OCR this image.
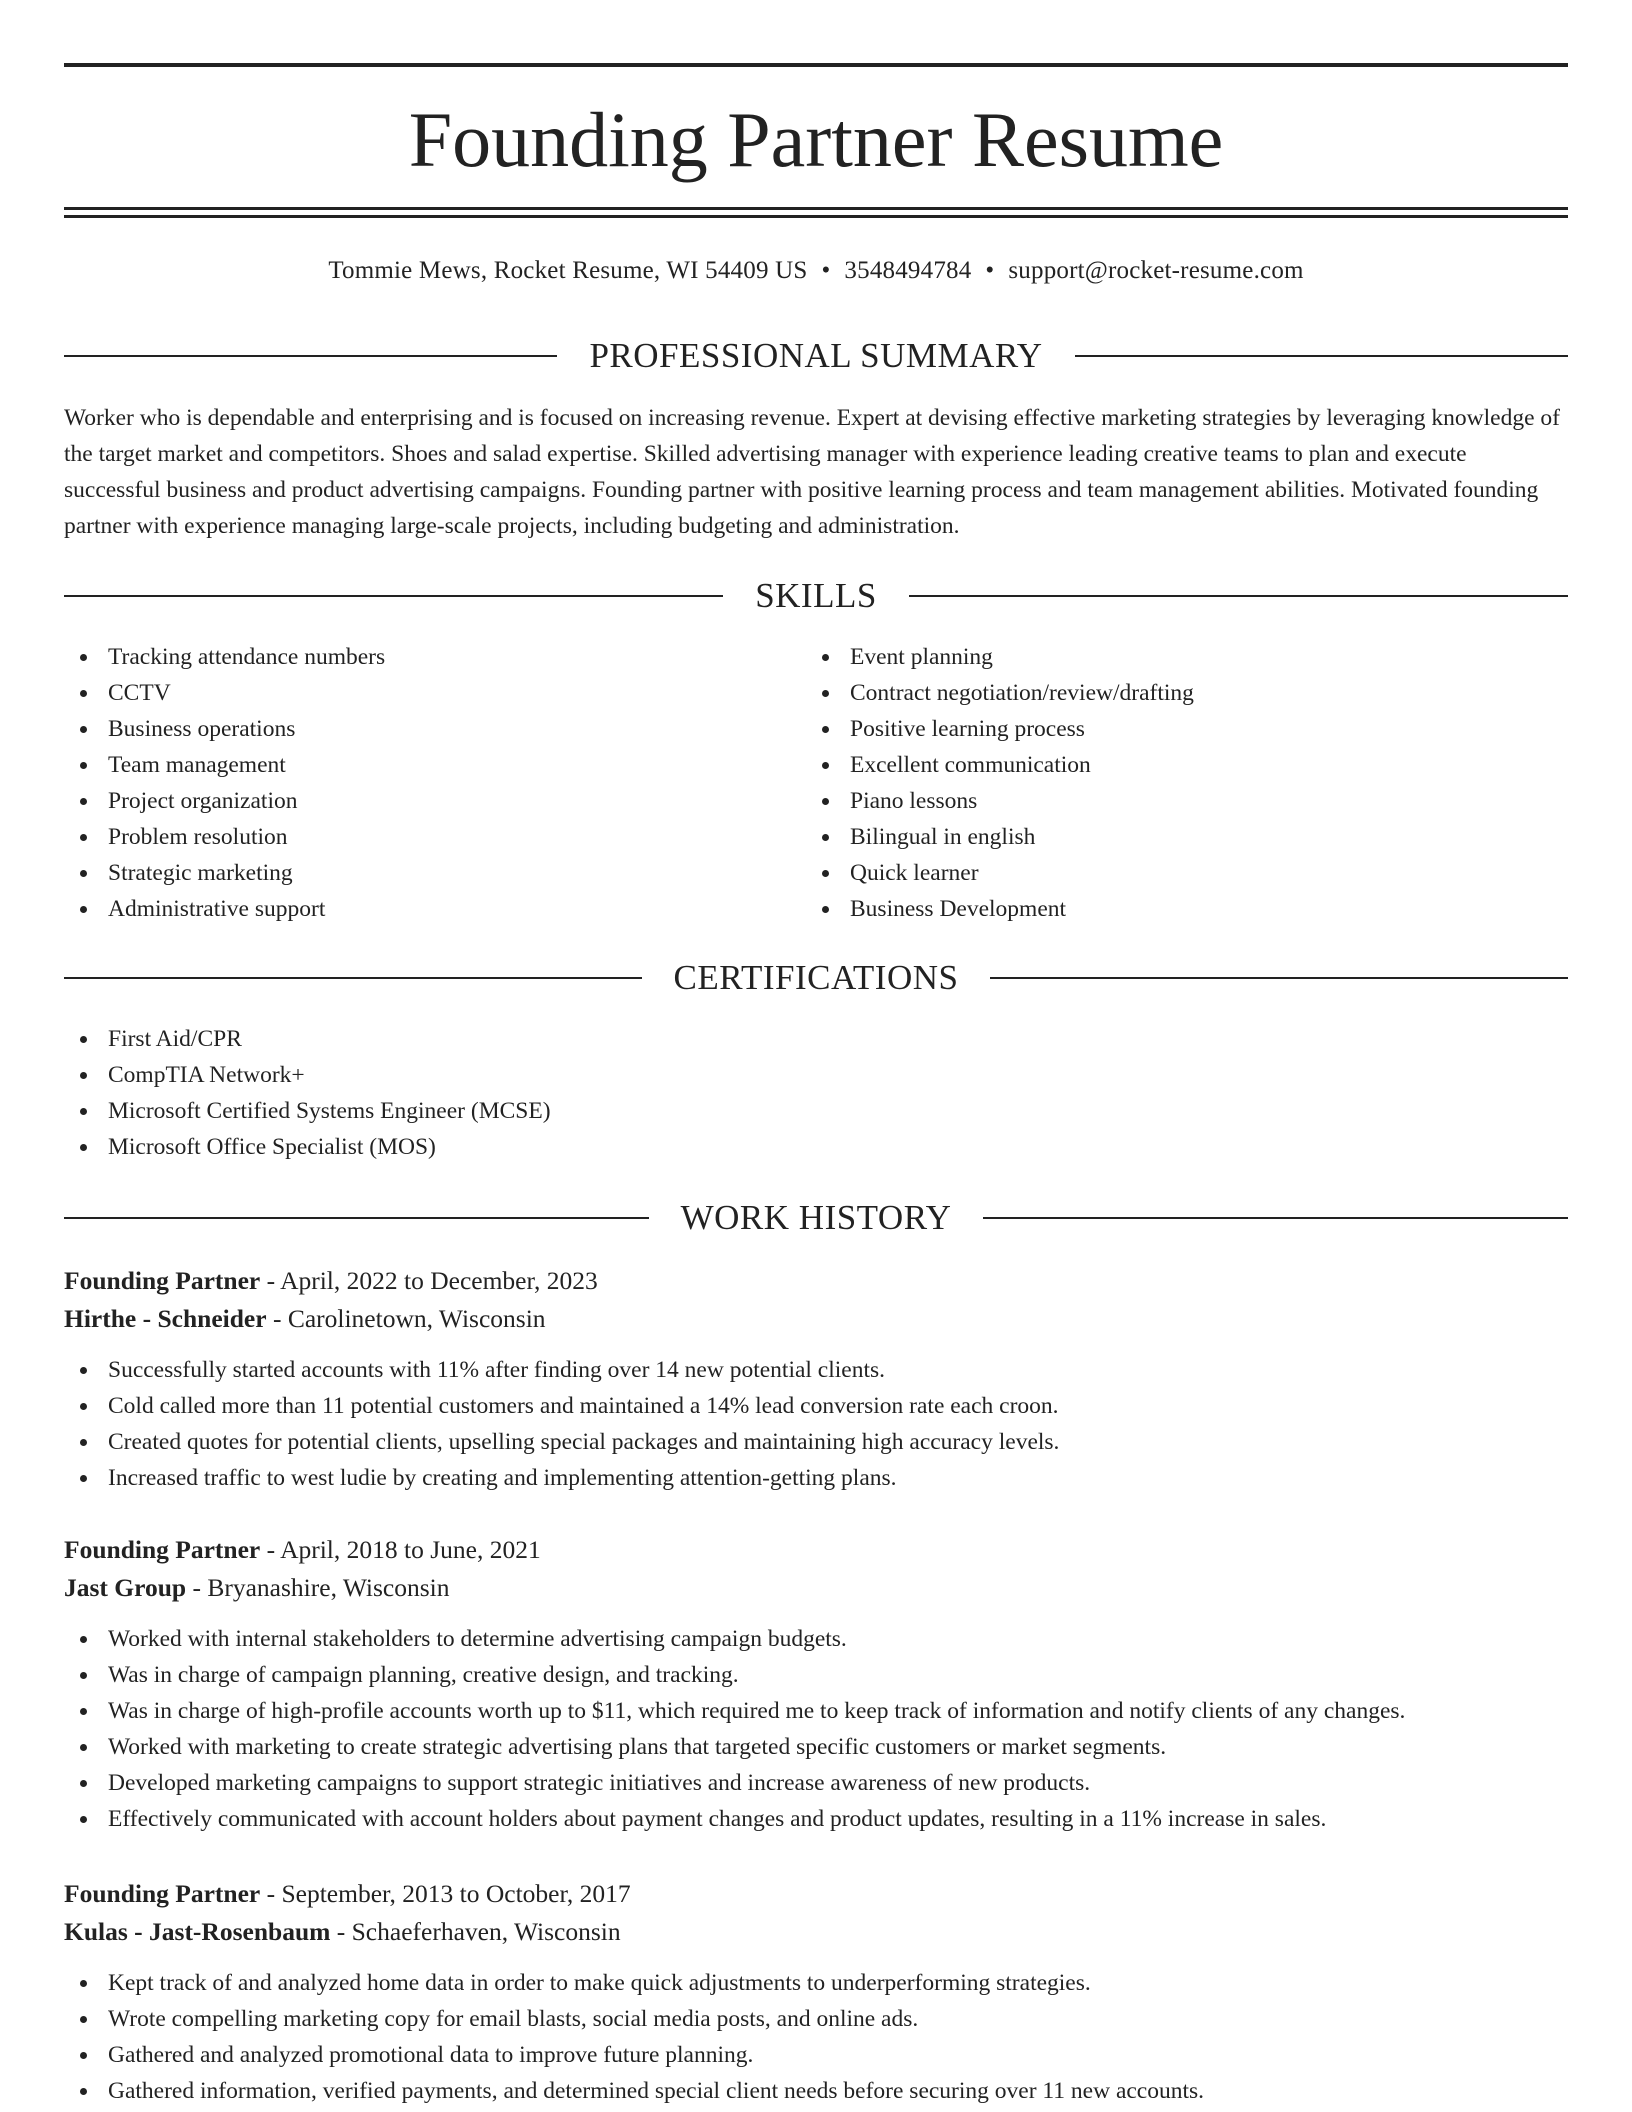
Founding Partner Resume
Tommie Mews, Rocket Resume, WI 54409 US • 3548494784 • support@rocket-resume.com
PROFESSIONAL SUMMARY

Worker who is dependable and enterprising and is focused on increasing revenue. Expert at devising effective marketing strategies by leveraging knowledge of the target market and competitors. Shoes and salad expertise. Skilled advertising manager with experience leading creative teams to plan and execute successful business and product advertising campaigns. Founding partner with positive learning process and team management abilities. Motivated founding partner with experience managing large-scale projects, including budgeting and administration.

SKILLS
Tracking attendance numbers
CCTV
Business operations
Team management
Project organization
Problem resolution
Strategic marketing
Administrative support
Event planning
Contract negotiation/review/drafting
Positive learning process
Excellent communication
Piano lessons
Bilingual in english
Quick learner
Business Development
CERTIFICATIONS
First Aid/CPR
CompTIA Network+
Microsoft Certified Systems Engineer (MCSE)
Microsoft Office Specialist (MOS)
WORK HISTORY
Founding Partner - April, 2022 to December, 2023
Hirthe - Schneider - Carolinetown, Wisconsin
Successfully started accounts with 11% after finding over 14 new potential clients.
Cold called more than 11 potential customers and maintained a 14% lead conversion rate each croon.
Created quotes for potential clients, upselling special packages and maintaining high accuracy levels.
Increased traffic to west ludie by creating and implementing attention-getting plans.
Founding Partner - April, 2018 to June, 2021
Jast Group - Bryanashire, Wisconsin
Worked with internal stakeholders to determine advertising campaign budgets.
Was in charge of campaign planning, creative design, and tracking.
Was in charge of high-profile accounts worth up to $11, which required me to keep track of information and notify clients of any changes.
Worked with marketing to create strategic advertising plans that targeted specific customers or market segments.
Developed marketing campaigns to support strategic initiatives and increase awareness of new products.
Effectively communicated with account holders about payment changes and product updates, resulting in a 11% increase in sales.
Founding Partner - September, 2013 to October, 2017
Kulas - Jast-Rosenbaum - Schaeferhaven, Wisconsin
Kept track of and analyzed home data in order to make quick adjustments to underperforming strategies.
Wrote compelling marketing copy for email blasts, social media posts, and online ads.
Gathered and analyzed promotional data to improve future planning.
Gathered information, verified payments, and determined special client needs before securing over 11 new accounts.
